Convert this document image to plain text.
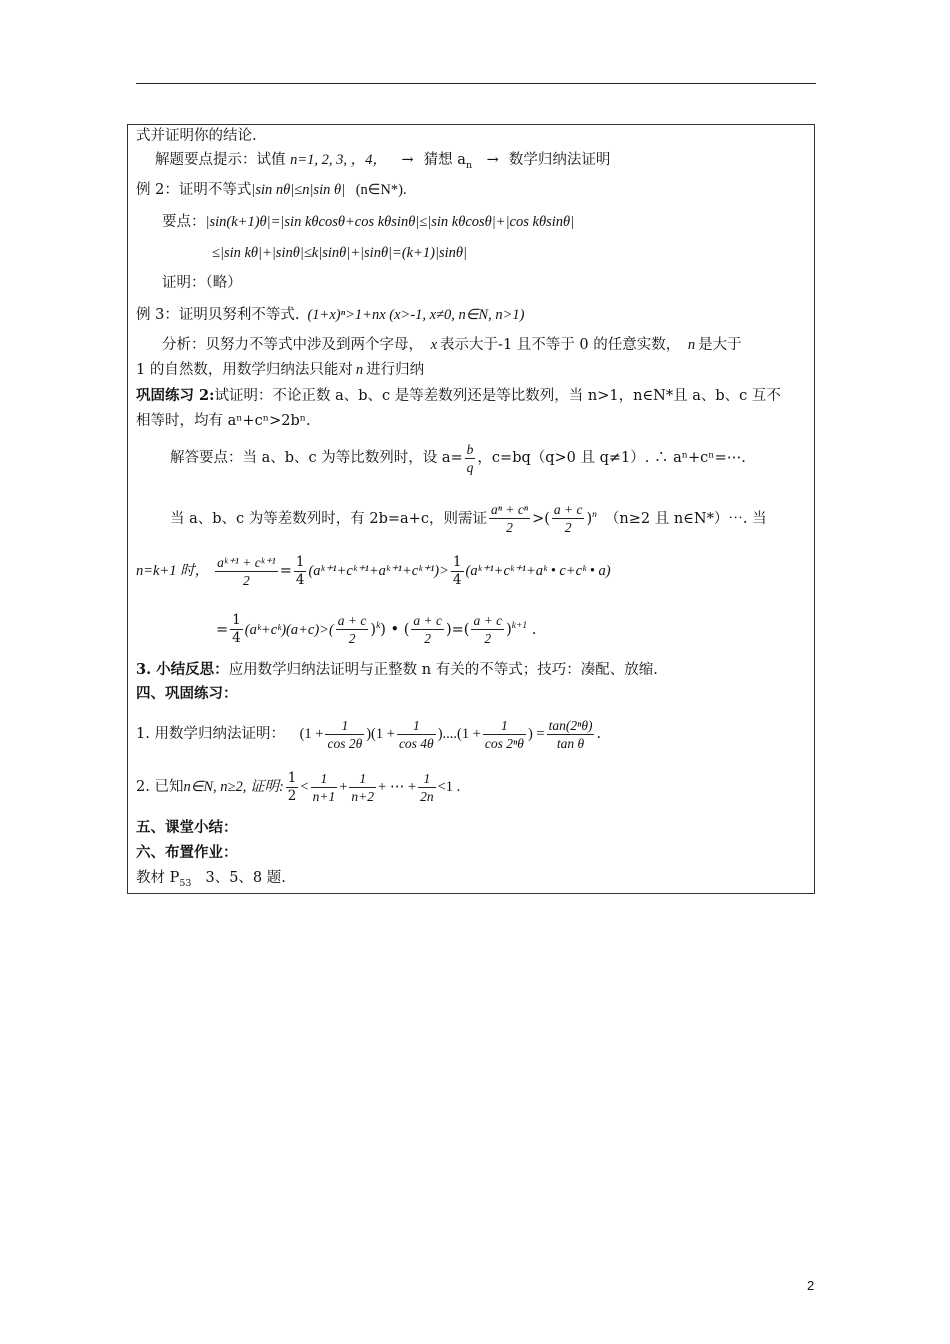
式并证明你的结论.
解题要点提示：试值 n=1, 2, 3, ，4， → 猜想 $a_n$ → 数学归纳法证明
例 2：证明不等式|sin nθ|≤n|sin θ| (n∈N*).
要点：|sin(k+1)θ|=|sin kθcosθ+cos kθsinθ|≤|sin kθcosθ|+|cos kθsinθ|
≤|sin kθ|+|sinθ|≤k|sinθ|+|sinθ|=(k+1)|sinθ|
证明：（略）
例 3：证明贝努利不等式. (1+x)ⁿ>1+nx (x>-1, x≠0, n∈N, n>1)
分析：贝努力不等式中涉及到两个字母， x 表示大于-1 且不等于 0 的任意实数， n 是大于
1 的自然数，用数学归纳法只能对 n 进行归纳
巩固练习 2:试证明：不论正数 a、b、c 是等差数列还是等比数列，当 n>1，n∈N*且 a、b、c 互不
相等时，均有 aⁿ+cⁿ>2bⁿ.
解答要点：当 a、b、c 为等比数列时，设 $a= \frac{b}{q}$ ，c=bq（q>0 且 q≠1）. ∴ aⁿ+cⁿ=⋯.
当 a、b、c 为等差数列时，有 2b=a+c，则需证 $\frac{\text{aⁿ + cⁿ}}{2}$ >( $\frac{a + c}{2} )^n$ （n≥2 且 n∈N*）⋯. 当
n=k+1 时， $\frac{\text{aᵏ⁺¹ + cᵏ⁺¹}}{2} = \frac{1}{4}$ (aᵏ⁺¹+cᵏ⁺¹+aᵏ⁺¹+cᵏ⁺¹)> $\frac{1}{4}$ (aᵏ⁺¹+cᵏ⁺¹+aᵏ • c+cᵏ • a)
= $\frac{1}{4}$ (aᵏ+cᵏ)(a+c)>( $\frac{a + c}{2} )^k$) • ( $\frac{a + c}{2}$ )=( $\frac{a + c}{2} )^{k+1}$ .
3. 小结反思：应用数学归纳法证明与正整数 n 有关的不等式；技巧：凑配、放缩.
四、巩固练习：
1. 用数学归纳法证明： $(1 + \frac{1}{\cos 2\theta} )(1 + \frac{1}{\cos 4\theta} )....(1 + \frac{1}{\text{cos 2ⁿθ}}$ ) = $\frac{\text{tan(2ⁿθ)}}{\text{tan θ}}$ .
2. 已知n∈N, n≥2, 证明: $\frac{1}{2} < \frac{1}{n+1} + \frac{1}{n+2}$ + ⋯ + $\frac{1}{2n} <1$ .
五、课堂小结：
六、布置作业：
教材 $P_{53}$ 3、5、8 题.
2
